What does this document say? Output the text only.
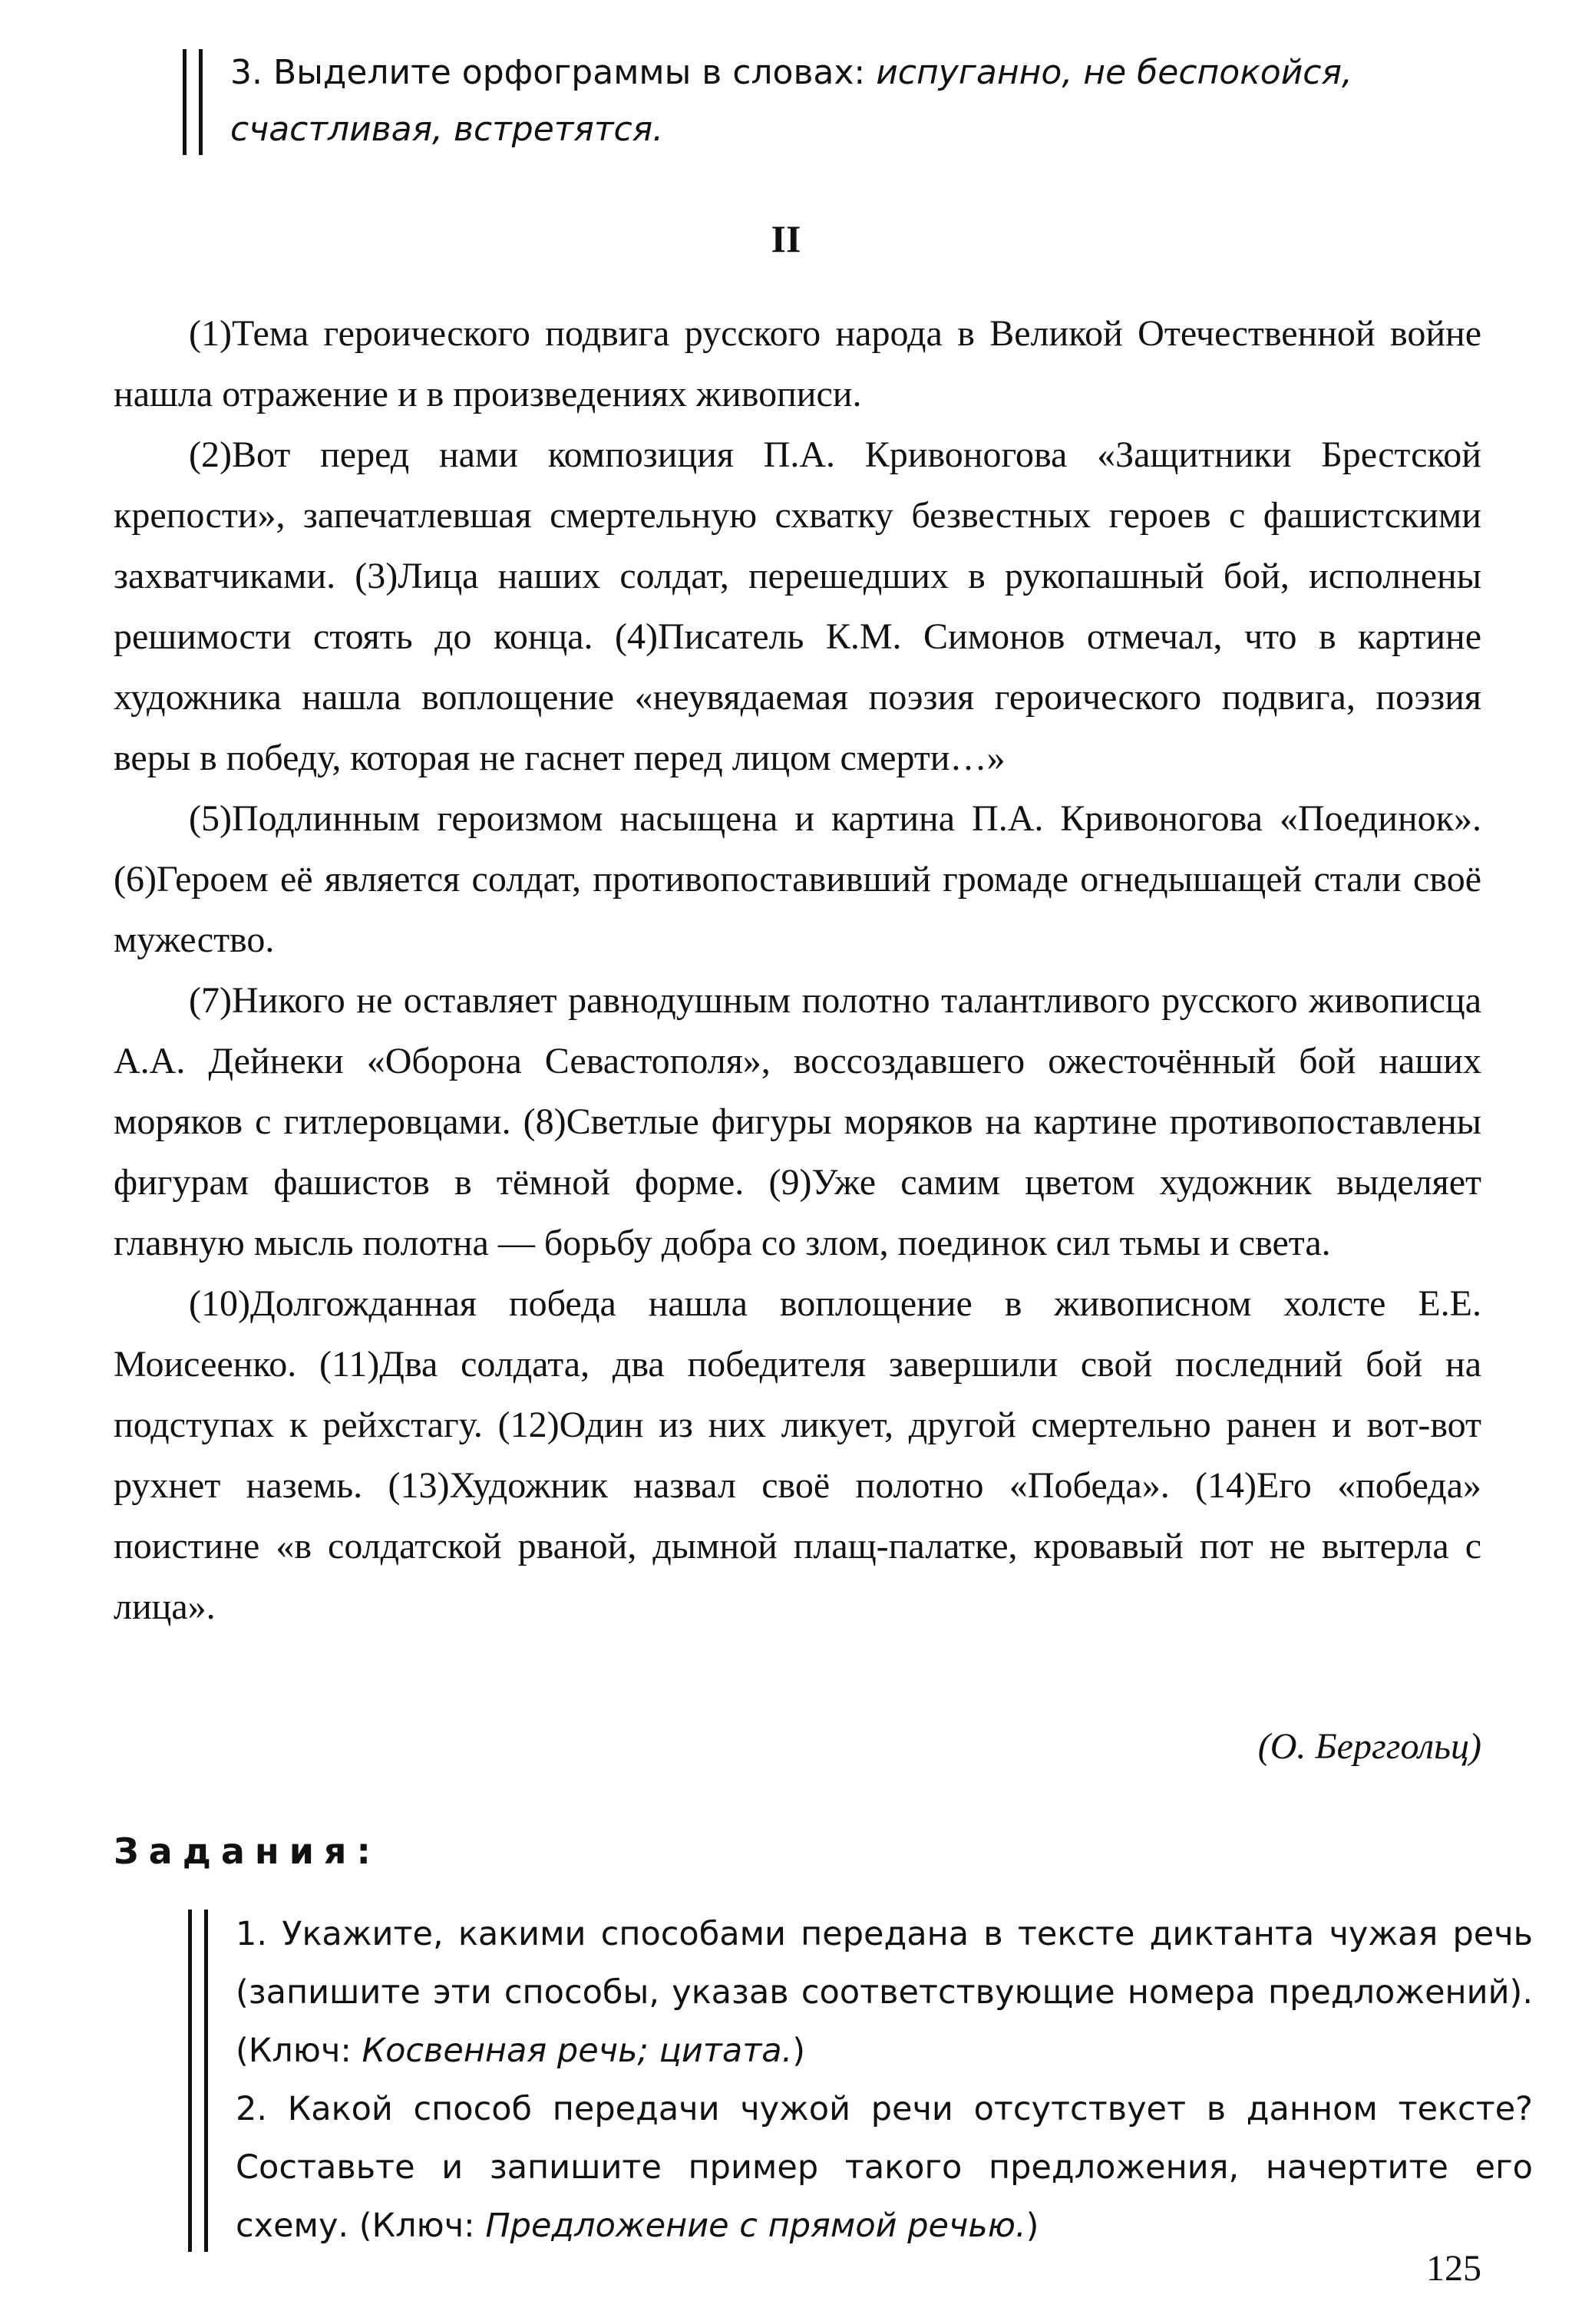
3. Выделите орфограммы в словах: испуганно, не беспокойся, счастливая, встретятся.
II

(1)Тема героического подвига русского народа в Великой Отечественной войне нашла отражение и в произведениях живописи.

(2)Вот перед нами композиция П.А. Кривоногова «Защитники Брестской крепости», запечатлевшая смертельную схватку безвестных героев с фашистскими захватчиками. (3)Лица наших солдат, перешедших в рукопашный бой, исполнены решимости стоять до конца. (4)Писатель К.М. Симонов отмечал, что в картине художника нашла воплощение «неувядаемая поэзия героического подвига, поэзия веры в победу, которая не гаснет перед лицом смерти…»

(5)Подлинным героизмом насыщена и картина П.А. Кривоногова «Поединок». (6)Героем её является солдат, противопоставивший громаде огнедышащей стали своё мужество.

(7)Никого не оставляет равнодушным полотно талантливого русского живописца А.А. Дейнеки «Оборона Севастополя», воссоздавшего ожесточённый бой наших моряков с гитлеровцами. (8)Светлые фигуры моряков на картине противопоставлены фигурам фашистов в тёмной форме. (9)Уже самим цветом художник выделяет главную мысль полотна — борьбу добра со злом, поединок сил тьмы и света.

(10)Долгожданная победа нашла воплощение в живописном холсте Е.Е. Моисеенко. (11)Два солдата, два победителя завершили свой последний бой на подступах к рейхстагу. (12)Один из них ликует, другой смертельно ранен и вот-вот рухнет наземь. (13)Художник назвал своё полотно «Победа». (14)Его «победа» поистине «в солдатской рваной, дымной плащ-палатке, кровавый пот не вытерла с лица».

(О. Берггольц)
Задания:

1. Укажите, какими способами передана в тексте диктанта чужая речь (запишите эти способы, указав соответствующие номера предложений). (Ключ: Косвенная речь; цитата.)

2. Какой способ передачи чужой речи отсутствует в данном тексте? Составьте и запишите пример такого предложения, начертите его схему. (Ключ: Предложение с прямой речью.)

125
